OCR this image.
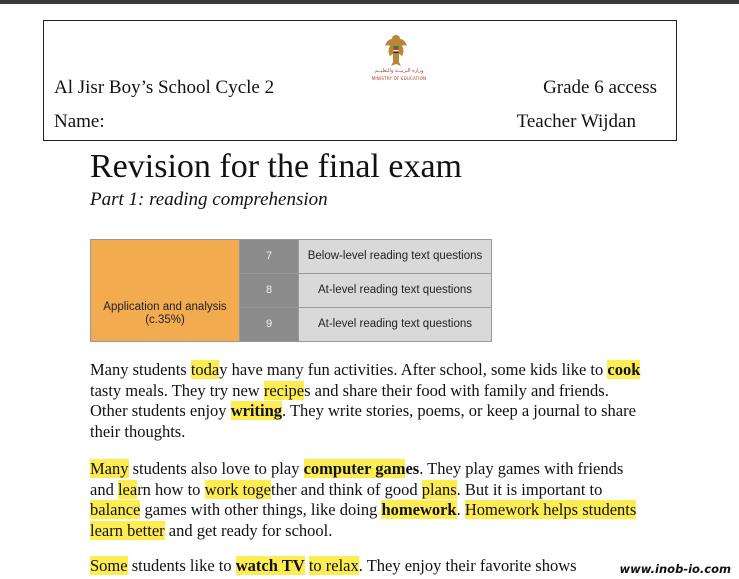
وزارة التربيــة والتعليــم
MINISTRY OF EDUCATION
Al Jisr Boy’s School Cycle 2	Grade 6 access
Name:	Teacher Wijdan
Revision for the final exam
Part 1: reading comprehension
Application and analysis (c.35%)	7	Below-level reading text questions
	8	At-level reading text questions
	9	At-level reading text questions
Many students today have many fun activities. After school, some kids like to cook tasty meals. They try new recipes and share their food with family and friends. Other students enjoy writing. They write stories, poems, or keep a journal to share their thoughts.
Many students also love to play computer games. They play games with friends and learn how to work together and think of good plans. But it is important to balance games with other things, like doing homework. Homework helps students learn better and get ready for school.
Some students like to watch TV to relax. They enjoy their favorite shows	www.inob-io.com
